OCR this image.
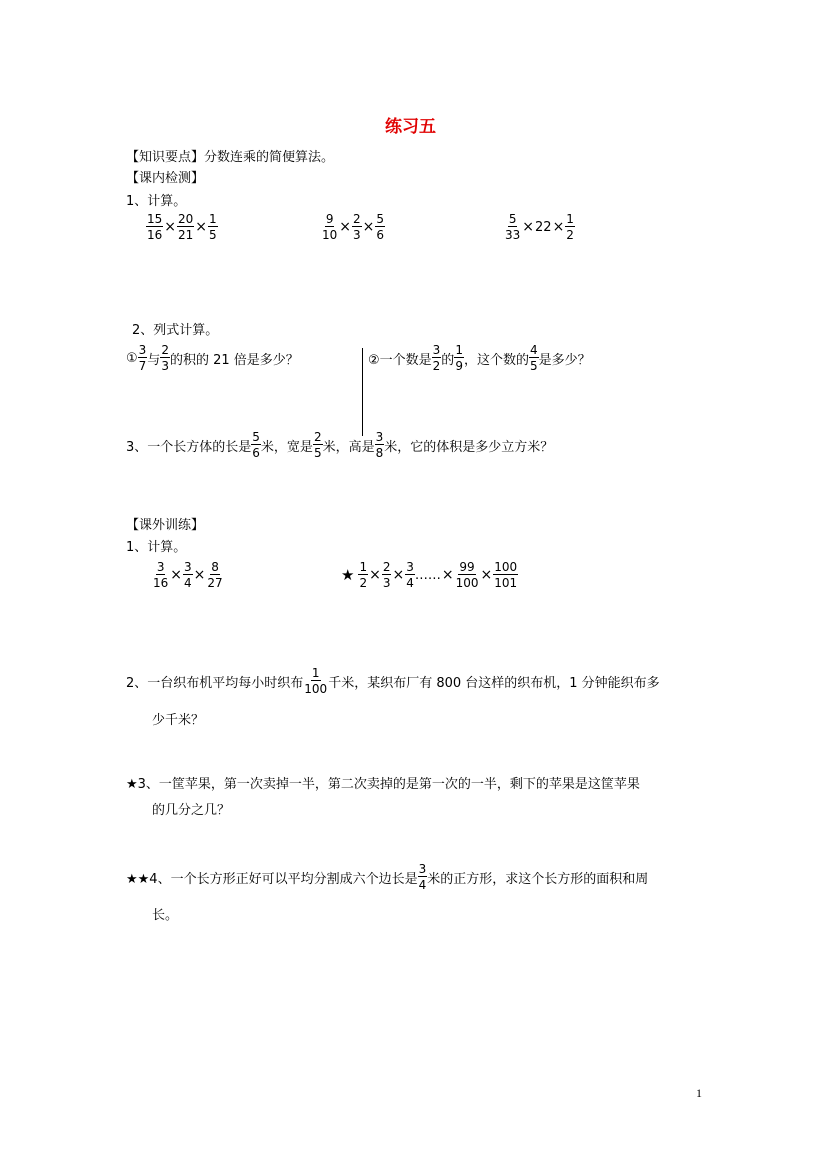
练习五
【知识要点】分数连乘的简便算法。
【课内检测】
1、计算。
$\frac{15}{16} \times \frac{20}{21} \times \frac{1}{5}$	$\frac{9}{10} \times \frac{2}{3} \times \frac{5}{6}$	$\frac{5}{33} \times 22 \times \frac{1}{2}$
2、列式计算。
① $\frac{3}{7}$ 与 $\frac{2}{3}$ 的积的 21 倍是多少？	②一个数是 $\frac{3}{2}$ 的 $\frac{1}{9}$ ，这个数的 $\frac{4}{5}$ 是多少？
3、一个长方体的长是 $\frac{5}{6}$ 米，宽是 $\frac{2}{5}$ 米，高是 $\frac{3}{8}$ 米，它的体积是多少立方米？
【课外训练】
1、计算。
$\frac{3}{16} \times \frac{3}{4} \times \frac{8}{27}$	★ $\frac{1}{2} \times \frac{2}{3} \times \frac{3}{4}$ …… × $\frac{99}{100} \times \frac{100}{101}$
2、一台织布机平均每小时织布 $\frac{1}{100}$ 千米，某织布厂有 800 台这样的织布机，1 分钟能织布多
少千米？
★3、一筐苹果，第一次卖掉一半，第二次卖掉的是第一次的一半，剩下的苹果是这筐苹果
的几分之几？
★★4、一个长方形正好可以平均分割成六个边长是 $\frac{3}{4}$ 米的正方形，求这个长方形的面积和周
长。
1
